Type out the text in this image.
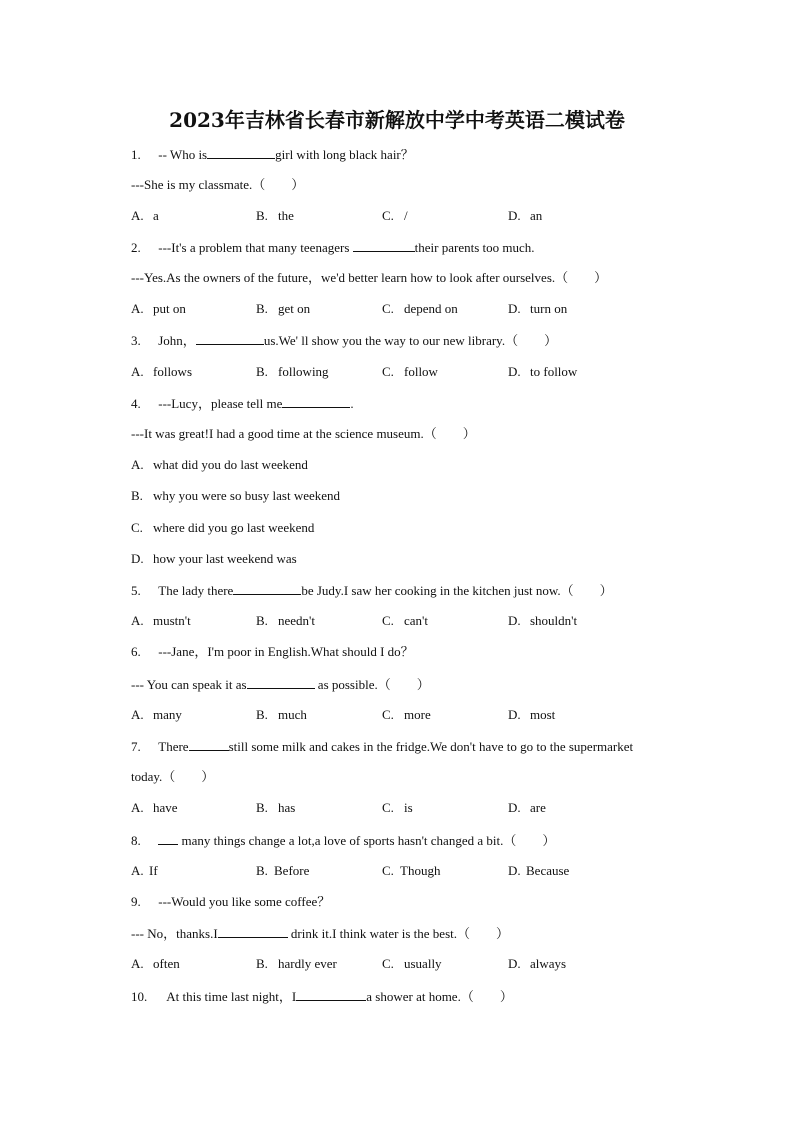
2023年吉林省长春市新解放中学中考英语二模试卷
1. -- Who is	girl with long black hair？
---She is my classmate.（　　）
A. a	B. the	C. /	D. an
2. ---It's a problem that many teenagers	their parents too much.
---Yes.As the owners of the future，we'd better learn how to look after ourselves.（　　）
A. put on	B. get on	C. depend on	D. turn on
3. John，	us.We' ll show you the way to our new library.（　　）
A. follows	B. following	C. follow	D. to follow
4. ---Lucy，please tell me	.
---It was great!I had a good time at the science museum.（　　）
A. what did you do last weekend
B. why you were so busy last weekend
C. where did you go last weekend
D. how your last weekend was
5. The lady there	be Judy.I saw her cooking in the kitchen just now.（　　）
A. mustn't	B. needn't	C. can't	D. shouldn't
6. ---Jane，I'm poor in English.What should I do？
--- You can speak it as	as possible.（　　）
A. many	B. much	C. more	D. most
7. There	still some milk and cakes in the fridge.We don't have to go to the supermarket
today.（　　）
A. have	B. has	C. is	D. are
8.	many things change a lot,a love of sports hasn't changed a bit.（　　）
A. If	B. Before	C. Though	D. Because
9. ---Would you like some coffee？
--- No，thanks.I	drink it.I think water is the best.（　　）
A. often	B. hardly ever	C. usually	D. always
10. At this time last night，I	a shower at home.（　　）
